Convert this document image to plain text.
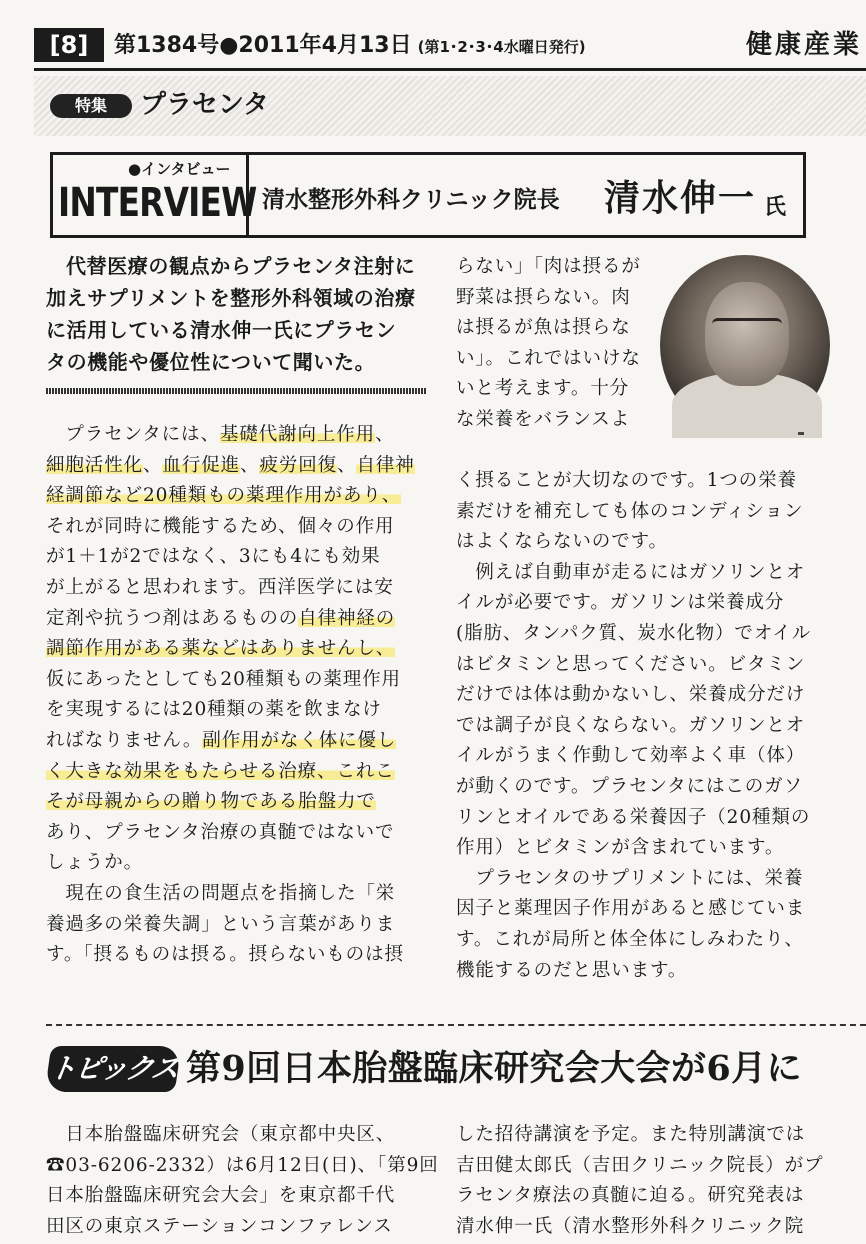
[8]	第1384号●2011年4月13日 (第1･2･3･4水曜日発行)	健康産業
特集	プラセンタ
●インタビュー
INTERVIEW 清水整形外科クリニック院長 清水伸一 氏
代替医療の観点からプラセンタ注射に
加えサプリメントを整形外科領域の治療
に活用している清水伸一氏にプラセン
タの機能や優位性について聞いた。
　プラセンタには、基礎代謝向上作用、
細胞活性化、血行促進、疲労回復、自律神
経調節など20種類もの薬理作用があり、
それが同時に機能するため、個々の作用
が1＋1が2ではなく、3にも4にも効果
が上がると思われます。西洋医学には安
定剤や抗うつ剤はあるものの自律神経の
調節作用がある薬などはありませんし、
仮にあったとしても20種類もの薬理作用
を実現するには20種類の薬を飲まなけ
ればなりません。副作用がなく体に優し
く大きな効果をもたらせる治療、これこ
そが母親からの贈り物である胎盤力で
あり、プラセンタ治療の真髄ではないで
しょうか。
　現在の食生活の問題点を指摘した「栄
養過多の栄養失調」という言葉がありま
す。「摂るものは摂る。摂らないものは摂
らない」「肉は摂るが
野菜は摂らない。肉
は摂るが魚は摂らな
い」。これではいけな
いと考えます。十分
な栄養をバランスよ
く摂ることが大切なのです。1つの栄養
素だけを補充しても体のコンディション
はよくならないのです。
　例えば自動車が走るにはガソリンとオ
イルが必要です。ガソリンは栄養成分
(脂肪、タンパク質、炭水化物）でオイル
はビタミンと思ってください。ビタミン
だけでは体は動かないし、栄養成分だけ
では調子が良くならない。ガソリンとオ
イルがうまく作動して効率よく車（体）
が動くのです。プラセンタにはこのガソ
リンとオイルである栄養因子（20種類の
作用）とビタミンが含まれています。
　プラセンタのサプリメントには、栄養
因子と薬理因子作用があると感じていま
す。これが局所と体全体にしみわたり、
機能するのだと思います。
トピックス 第9回日本胎盤臨床研究会大会が6月に
　日本胎盤臨床研究会（東京都中央区、
☎03-6206-2332）は6月12日(日)、「第9回
日本胎盤臨床研究会大会」を東京都千代
田区の東京ステーションコンファレンス
した招待講演を予定。また特別講演では
吉田健太郎氏（吉田クリニック院長）がプ
ラセンタ療法の真髄に迫る。研究発表は
清水伸一氏（清水整形外科クリニック院
